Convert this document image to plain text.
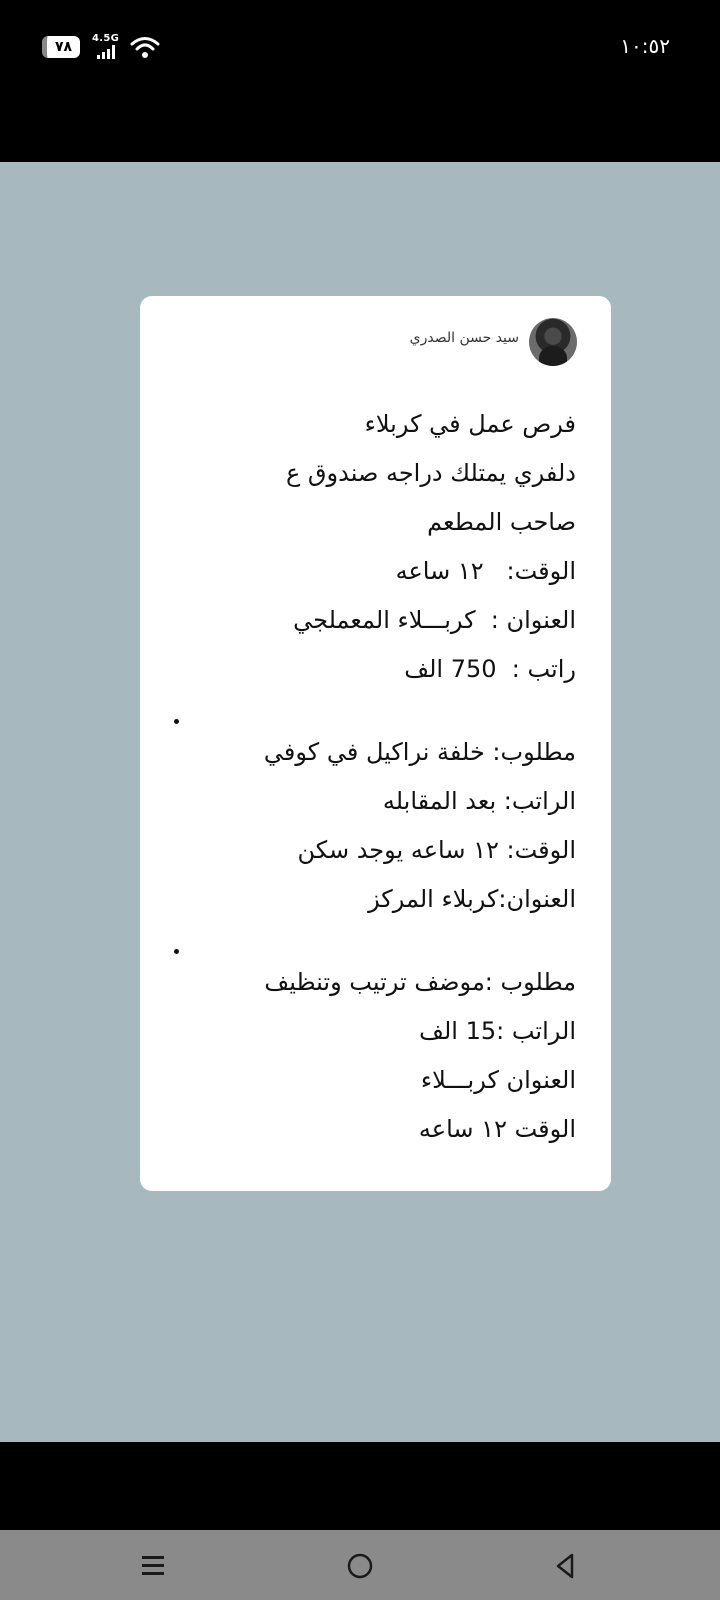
٧٨
4.5G	١٠:٥٢
سيد حسن الصدري
فرص عمل في كربلاء
دلفري يمتلك دراجه صندوق ع
صاحب المطعم
الوقت:   ١٢ ساعه
العنوان :  كربـــلاء المعملجي
راتب :  750 الف
مطلوب: خلفة نراكيل في كوفي
الراتب: بعد المقابله
الوقت: ١٢ ساعه يوجد سكن
العنوان:كربلاء المركز
مطلوب :موضف ترتيب وتنظيف
الراتب :15 الف
العنوان كربـــلاء
الوقت ١٢ ساعه
